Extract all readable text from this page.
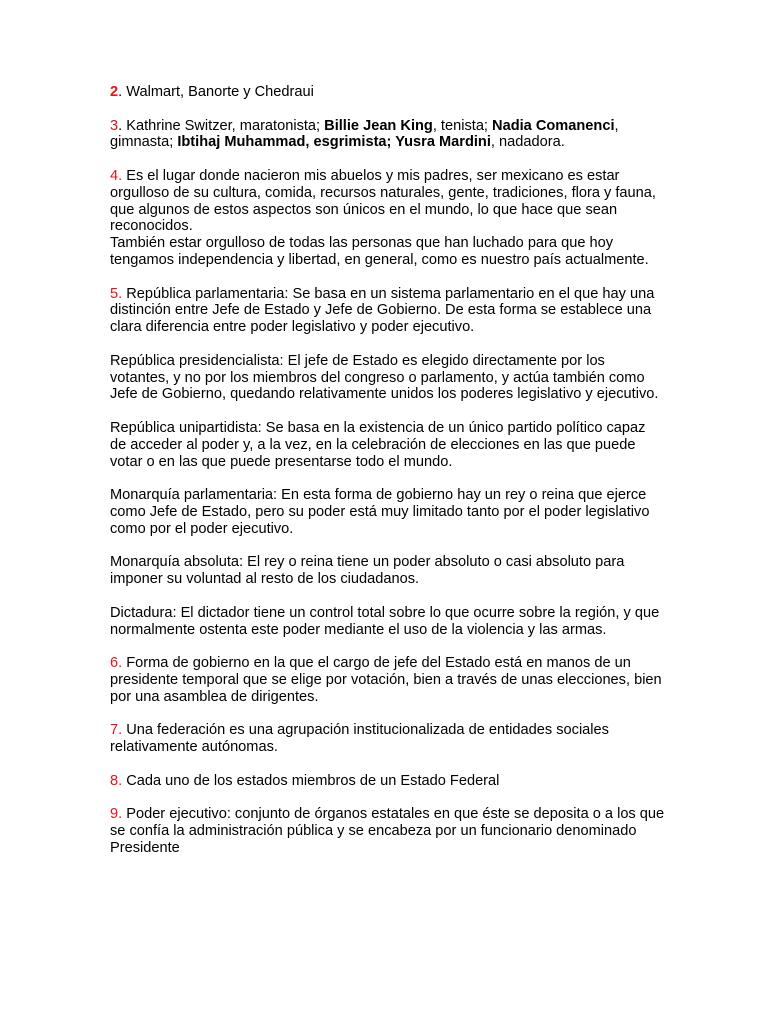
2. Walmart, Banorte y Chedraui

3. Kathrine Switzer, maratonista; Billie Jean King, tenista; Nadia Comanenci, gimnasta; Ibtihaj Muhammad, esgrimista; Yusra Mardini, nadadora.

4. Es el lugar donde nacieron mis abuelos y mis padres, ser mexicano es estar orgulloso de su cultura, comida, recursos naturales, gente, tradiciones, flora y fauna, que algunos de estos aspectos son únicos en el mundo, lo que hace que sean reconocidos.
También estar orgulloso de todas las personas que han luchado para que hoy tengamos independencia y libertad, en general, como es nuestro país actualmente.

5. República parlamentaria: Se basa en un sistema parlamentario en el que hay una distinción entre Jefe de Estado y Jefe de Gobierno. De esta forma se establece una clara diferencia entre poder legislativo y poder ejecutivo.

República presidencialista: El jefe de Estado es elegido directamente por los votantes, y no por los miembros del congreso o parlamento, y actúa también como Jefe de Gobierno, quedando relativamente unidos los poderes legislativo y ejecutivo.

República unipartidista: Se basa en la existencia de un único partido político capaz de acceder al poder y, a la vez, en la celebración de elecciones en las que puede votar o en las que puede presentarse todo el mundo.

Monarquía parlamentaria: En esta forma de gobierno hay un rey o reina que ejerce como Jefe de Estado, pero su poder está muy limitado tanto por el poder legislativo como por el poder ejecutivo.

Monarquía absoluta: El rey o reina tiene un poder absoluto o casi absoluto para imponer su voluntad al resto de los ciudadanos.

Dictadura: El dictador tiene un control total sobre lo que ocurre sobre la región, y que normalmente ostenta este poder mediante el uso de la violencia y las armas.

6. Forma de gobierno en la que el cargo de jefe del Estado está en manos de un presidente temporal que se elige por votación, bien a través de unas elecciones, bien por una asamblea de dirigentes.

7. Una federación es una agrupación institucionalizada de entidades sociales relativamente autónomas.

8. Cada uno de los estados miembros de un Estado Federal

9. Poder ejecutivo: conjunto de órganos estatales en que éste se deposita o a los que se confía la administración pública y se encabeza por un funcionario denominado Presidente
